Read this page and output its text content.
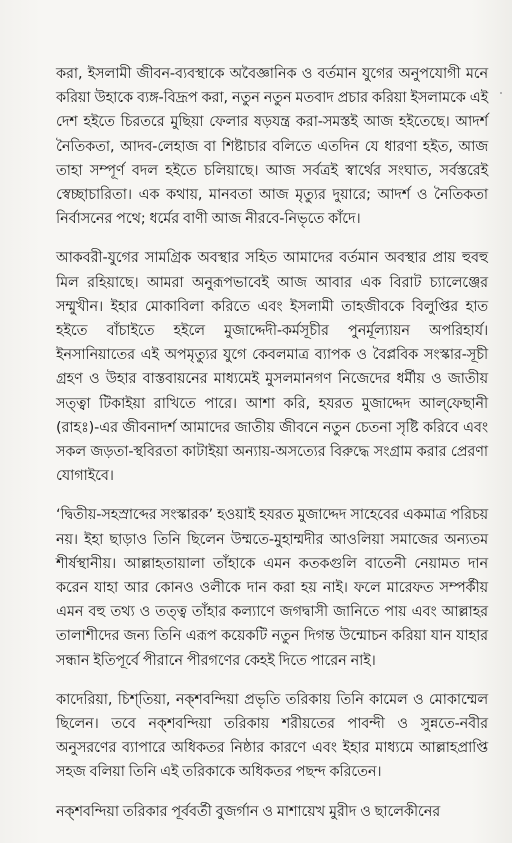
করা, ইসলামী জীবন-ব্যবস্থাকে অবৈজ্ঞানিক ও বর্তমান যুগের অনুপযোগী মনে করিয়া উহাকে ব্যঙ্গ-বিদ্রূপ করা, নতুন নতুন মতবাদ প্রচার করিয়া ইসলামকে এই দেশ হইতে চিরতরে মুছিয়া ফেলার ষড়যন্ত্র করা-সমস্তই আজ হইতেছে। আদর্শ নৈতিকতা, আদব-লেহাজ বা শিষ্টাচার বলিতে এতদিন যে ধারণা হইত, আজ তাহা সম্পূর্ণ বদল হইতে চলিয়াছে। আজ সর্বত্রই স্বার্থের সংঘাত, সর্বস্তরেই স্বেচ্ছাচারিতা। এক কথায়, মানবতা আজ মৃত্যুর দুয়ারে; আদর্শ ও নৈতিকতা নির্বাসনের পথে; ধর্মের বাণী আজ নীরবে-নিভৃতে কাঁদে।

আকবরী-যুগের সামগ্রিক অবস্থার সহিত আমাদের বর্তমান অবস্থার প্রায় হুবহু মিল রহিয়াছে। আমরা অনুরূপভাবেই আজ আবার এক বিরাট চ্যালেঞ্জের সম্মুখীন। ইহার মোকাবিলা করিতে এবং ইসলামী তাহজীবকে বিলুপ্তির হাত হইতে বাঁচাইতে হইলে মুজাদ্দেদী-কর্মসূচীর পুনর্মূল্যায়ন অপরিহার্য। ইনসানিয়াতের এই অপমৃত্যুর যুগে কেবলমাত্র ব্যাপক ও বৈপ্লবিক সংস্কার-সূচী গ্রহণ ও উহার বাস্তবায়নের মাধ্যমেই মুসলমানগণ নিজেদের ধর্মীয় ও জাতীয় সত্ত্বা টিকাইয়া রাখিতে পারে। আশা করি, হযরত মুজাদ্দেদ আল্‌ফেছানী (রাহঃ)-এর জীবনাদর্শ আমাদের জাতীয় জীবনে নতুন চেতনা সৃষ্টি করিবে এবং সকল জড়তা-স্থবিরতা কাটাইয়া অন্যায়-অসত্যের বিরুদ্ধে সংগ্রাম করার প্রেরণা যোগাইবে।

‘দ্বিতীয়-সহস্রাব্দের সংস্কারক’ হওয়াই হযরত মুজাদ্দেদ সাহেবের একমাত্র পরিচয় নয়। ইহা ছাড়াও তিনি ছিলেন উম্মতে-মুহাম্মদীর আওলিয়া সমাজের অন্যতম শীর্ষস্থানীয়। আল্লাহতায়ালা তাঁহাকে এমন কতকগুলি বাতেনী নেয়ামত দান করেন যাহা আর কোনও ওলীকে দান করা হয় নাই। ফলে মারেফত সম্পর্কীয় এমন বহু তথ্য ও তত্ত্ব তাঁহার কল্যাণে জগদ্বাসী জানিতে পায় এবং আল্লাহর তালাশীদের জন্য তিনি এরূপ কয়েকটি নতুন দিগন্ত উন্মোচন করিয়া যান যাহার সন্ধান ইতিপূর্বে পীরানে পীরগণের কেহই দিতে পারেন নাই।

কাদেরিয়া, চিশ্‌তিয়া, নক্‌শবন্দিয়া প্রভৃতি তরিকায় তিনি কামেল ও মোকাম্মেল ছিলেন। তবে নক্‌শবন্দিয়া তরিকায় শরীয়তের পাবন্দী ও সুন্নতে-নবীর অনুসরণের ব্যাপারে অধিকতর নিষ্ঠার কারণে এবং ইহার মাধ্যমে আল্লাহপ্রাপ্তি সহজ বলিয়া তিনি এই তরিকাকে অধিকতর পছন্দ করিতেন।

নক্‌শবন্দিয়া তরিকার পূর্ববর্তী বুজর্গান ও মাশায়েখ মুরীদ ও ছালেকীনের
